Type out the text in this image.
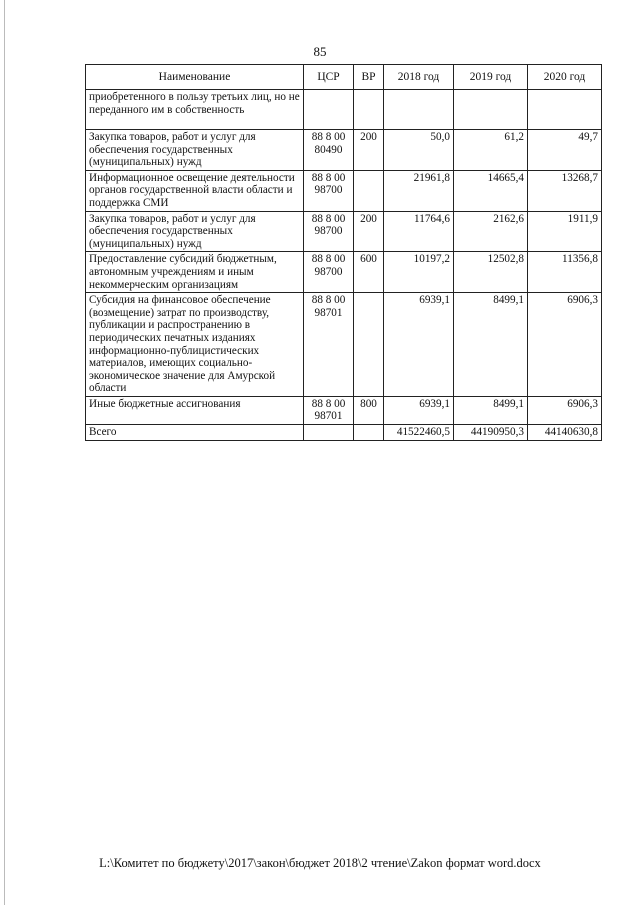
85
Наименование	ЦСР	ВР	2018 год	2019 год	2020 год
приобретенного в пользу третьих лиц, но не переданного им в собственность					
Закупка товаров, работ и услуг для обеспечения государственных (муниципальных) нужд	88 8 00 80490	200	50,0	61,2	49,7
Информационное освещение деятельности органов государственной власти области и поддержка СМИ	88 8 00 98700		21961,8	14665,4	13268,7
Закупка товаров, работ и услуг для обеспечения государственных (муниципальных) нужд	88 8 00 98700	200	11764,6	2162,6	1911,9
Предоставление субсидий бюджетным, автономным учреждениям и иным некоммерческим организациям	88 8 00 98700	600	10197,2	12502,8	11356,8
Субсидия на финансовое обеспечение (возмещение) затрат по производству, публикации и распространению в периодических печатных изданиях информационно-публицистических материалов, имеющих социально-экономическое значение для Амурской области	88 8 00 98701		6939,1	8499,1	6906,3
Иные бюджетные ассигнования	88 8 00 98701	800	6939,1	8499,1	6906,3
Всего			41522460,5	44190950,3	44140630,8
L:\Комитет по бюджету\2017\закон\бюджет 2018\2 чтение\Zakon формат word.docx
